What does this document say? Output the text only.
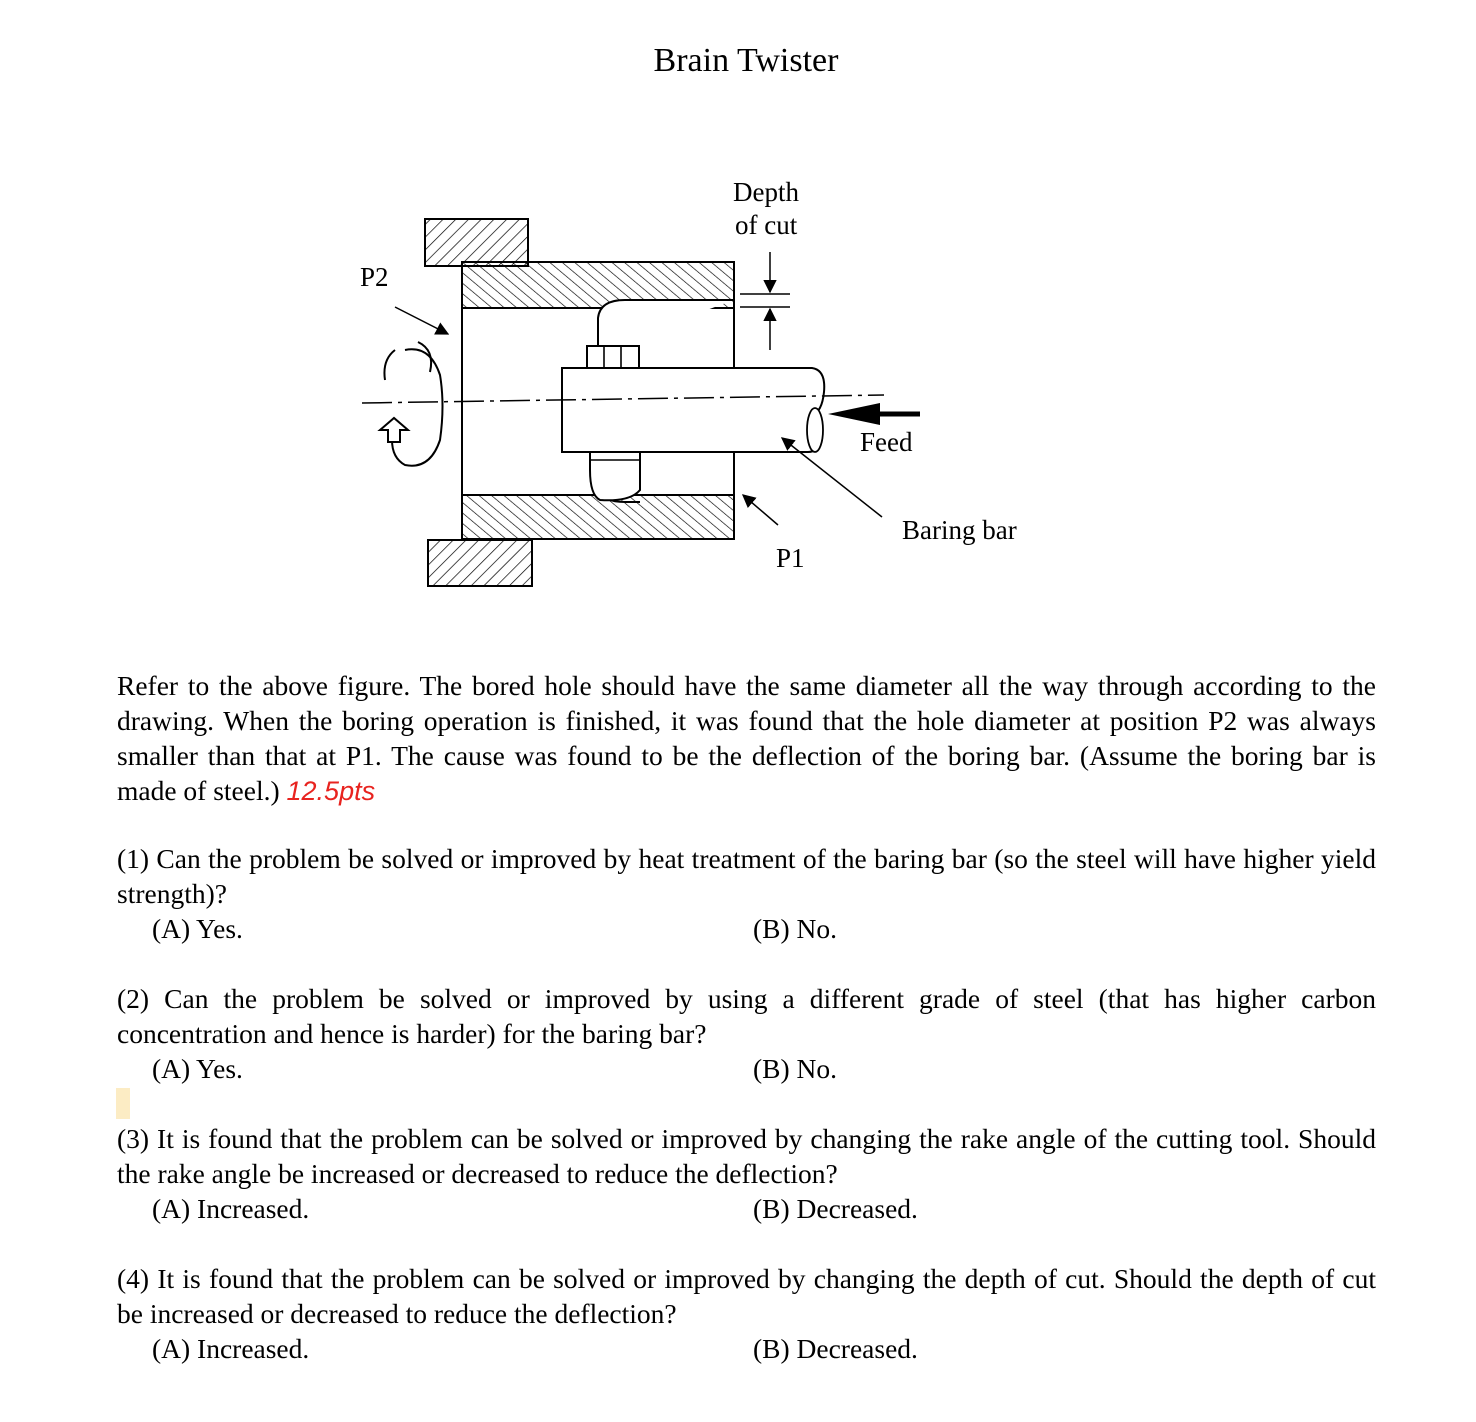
Brain Twister
Depth
of cut
P2
P1
Feed
Baring bar

Refer to the above figure. The bored hole should have the same diameter all the way through according to the drawing. When the boring operation is finished, it was found that the hole diameter at position P2 was always smaller than that at P1. The cause was found to be the deflection of the boring bar. (Assume the boring bar is made of steel.) 12.5pts

(1) Can the problem be solved or improved by heat treatment of the baring bar (so the steel will have higher yield strength)?
(A) Yes.	(B) No.
(2) Can the problem be solved or improved by using a different grade of steel (that has higher carbon concentration and hence is harder) for the baring bar?
(A) Yes.	(B) No.
(3) It is found that the problem can be solved or improved by changing the rake angle of the cutting tool. Should the rake angle be increased or decreased to reduce the deflection?
(A) Increased.	(B) Decreased.
(4) It is found that the problem can be solved or improved by changing the depth of cut. Should the depth of cut be increased or decreased to reduce the deflection?
(A) Increased.	(B) Decreased.
